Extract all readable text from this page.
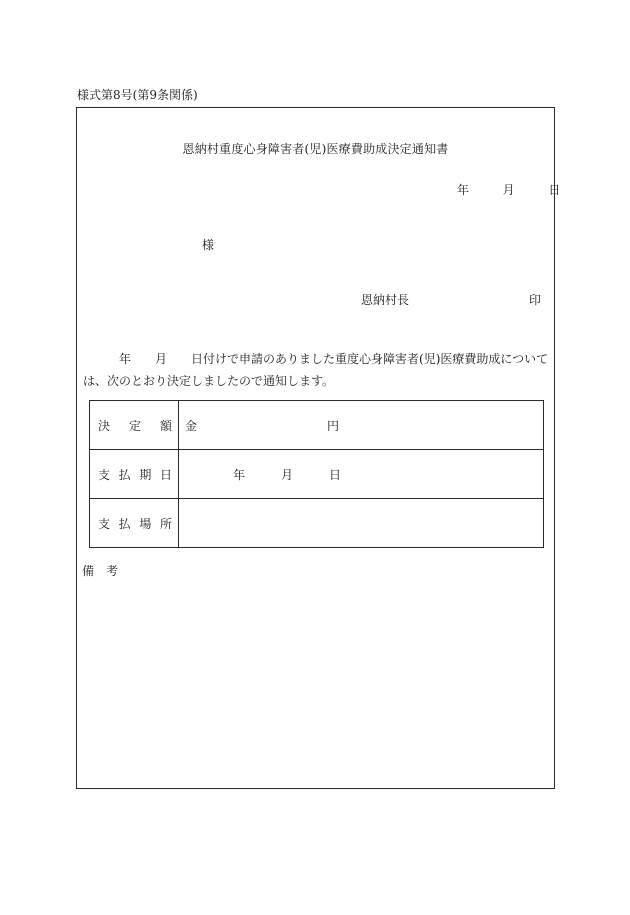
様式第8号(第9条関係)
恩納村重度心身障害者(児)医療費助成決定通知書
年	月	日
様
恩納村長	印
年 月 日付けで申請のありました重度心身障害者(児)医療費助成については、次のとおり決定しましたので通知します。
決 定 額	金 円

支 払 期 日	年 月 日

支 払 場 所	

備 考
